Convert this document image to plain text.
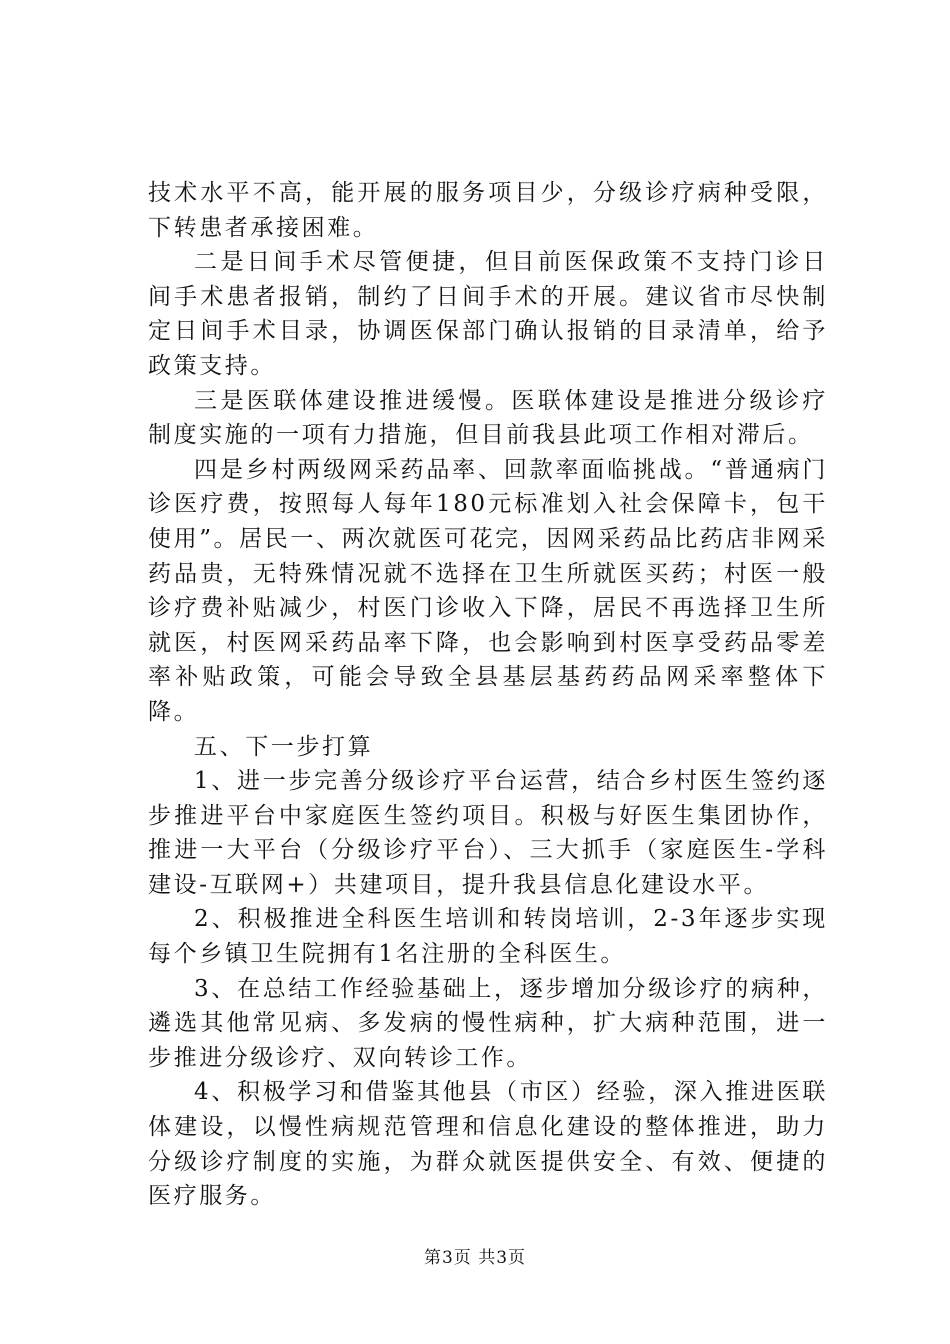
技术水平不高，能开展的服务项目少，分级诊疗病种受限，下转患者承接困难。

二是日间手术尽管便捷，但目前医保政策不支持门诊日间手术患者报销，制约了日间手术的开展。建议省市尽快制定日间手术目录，协调医保部门确认报销的目录清单，给予政策支持。

三是医联体建设推进缓慢。医联体建设是推进分级诊疗制度实施的一项有力措施，但目前我县此项工作相对滞后。

四是乡村两级网采药品率、回款率面临挑战。“普通病门诊医疗费，按照每人每年180元标准划入社会保障卡，包干使用”。居民一、两次就医可花完，因网采药品比药店非网采药品贵，无特殊情况就不选择在卫生所就医买药；村医一般诊疗费补贴减少，村医门诊收入下降，居民不再选择卫生所就医，村医网采药品率下降，也会影响到村医享受药品零差率补贴政策，可能会导致全县基层基药药品网采率整体下降。

五、下一步打算

1、进一步完善分级诊疗平台运营，结合乡村医生签约逐步推进平台中家庭医生签约项目。积极与好医生集团协作，推进一大平台（分级诊疗平台）、三大抓手（家庭医生-学科建设-互联网+）共建项目，提升我县信息化建设水平。

2、积极推进全科医生培训和转岗培训，2-3年逐步实现每个乡镇卫生院拥有1名注册的全科医生。

3、在总结工作经验基础上，逐步增加分级诊疗的病种，遴选其他常见病、多发病的慢性病种，扩大病种范围，进一步推进分级诊疗、双向转诊工作。

4、积极学习和借鉴其他县（市区）经验，深入推进医联体建设，以慢性病规范管理和信息化建设的整体推进，助力分级诊疗制度的实施，为群众就医提供安全、有效、便捷的医疗服务。

第3页 共3页
